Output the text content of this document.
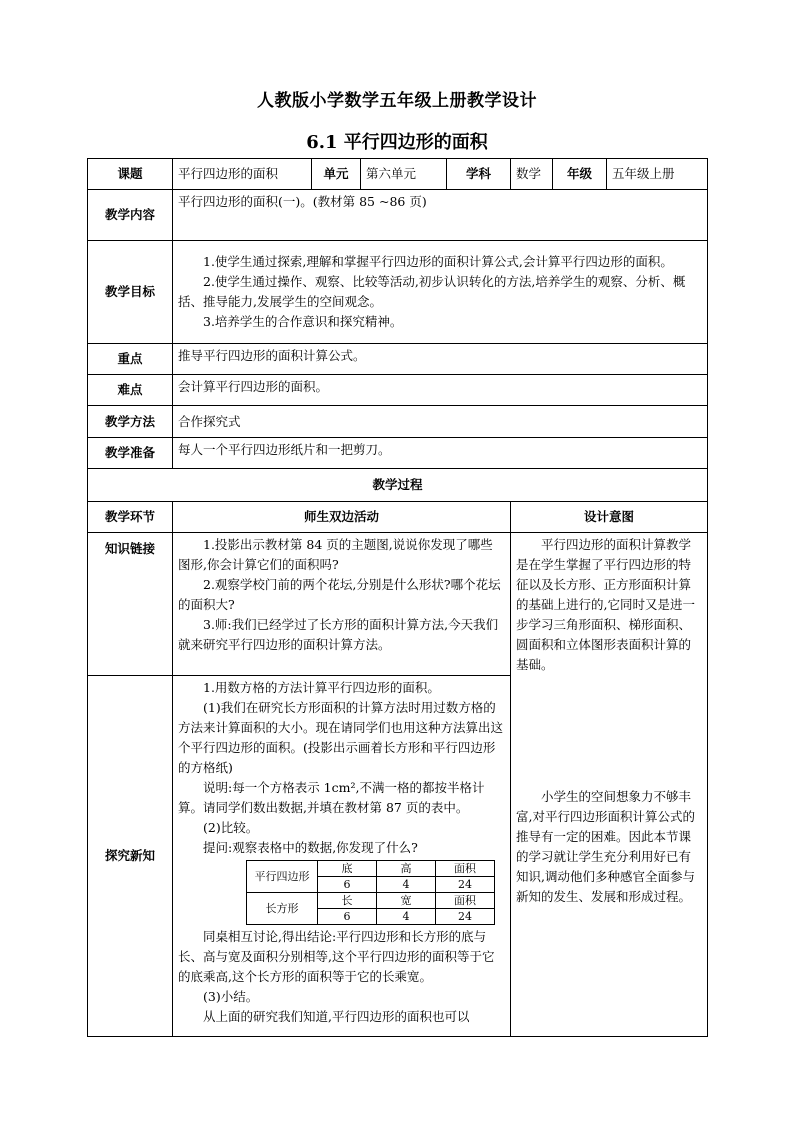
人教版小学数学五年级上册教学设计
6.1 平行四边形的面积
课题	平行四边形的面积	单元	第六单元	学科	数学	年级	五年级上册
教学内容	平行四边形的面积(一)。(教材第 85 ~86 页)
教学目标	

1.使学生通过探索,理解和掌握平行四边形的面积计算公式,会计算平行四边形的面积。

2.使学生通过操作、观察、比较等活动,初步认识转化的方法,培养学生的观察、分析、概括、推导能力,发展学生的空间观念。

3.培养学生的合作意识和探究精神。

重点	推导平行四边形的面积计算公式。
难点	会计算平行四边形的面积。
教学方法	合作探究式
教学准备	每人一个平行四边形纸片和一把剪刀。
教学过程
教学环节	师生双边活动	设计意图
知识链接	1.投影出示教材第 84 页的主题图,说说你发现了哪些图形,你会计算它们的面积吗?

2.观察学校门前的两个花坛,分别是什么形状?哪个花坛的面积大?

3.师:我们已经学过了长方形的面积计算方法,今天我们就来研究平行四边形的面积计算方法。

平行四边形的面积计算教学是在学生掌握了平行四边形的特征以及长方形、正方形面积计算的基础上进行的,它同时又是进一步学习三角形面积、梯形面积、圆面积和立体图形表面积计算的基础。

小学生的空间想象力不够丰富,对平行四边形面积计算公式的推导有一定的困难。因此本节课的学习就让学生充分利用好已有知识,调动他们多种感官全面参与新知的发生、发展和形成过程。

探究新知	

1.用数方格的方法计算平行四边形的面积。

(1)我们在研究长方形面积的计算方法时用过数方格的方法来计算面积的大小。现在请同学们也用这种方法算出这个平行四边形的面积。(投影出示画着长方形和平行四边形的方格纸)

说明:每一个方格表示 1cm²,不满一格的都按半格计算。请同学们数出数据,并填在教材第 87 页的表中。

(2)比较。

提问:观察表格中的数据,你发现了什么?

平行四边形	底	高	面积
6	4	24
长方形	长	宽	面积
6	4	24

同桌相互讨论,得出结论:平行四边形和长方形的底与长、高与宽及面积分别相等,这个平行四边形的面积等于它的底乘高,这个长方形的面积等于它的长乘宽。

(3)小结。

从上面的研究我们知道,平行四边形的面积也可以
